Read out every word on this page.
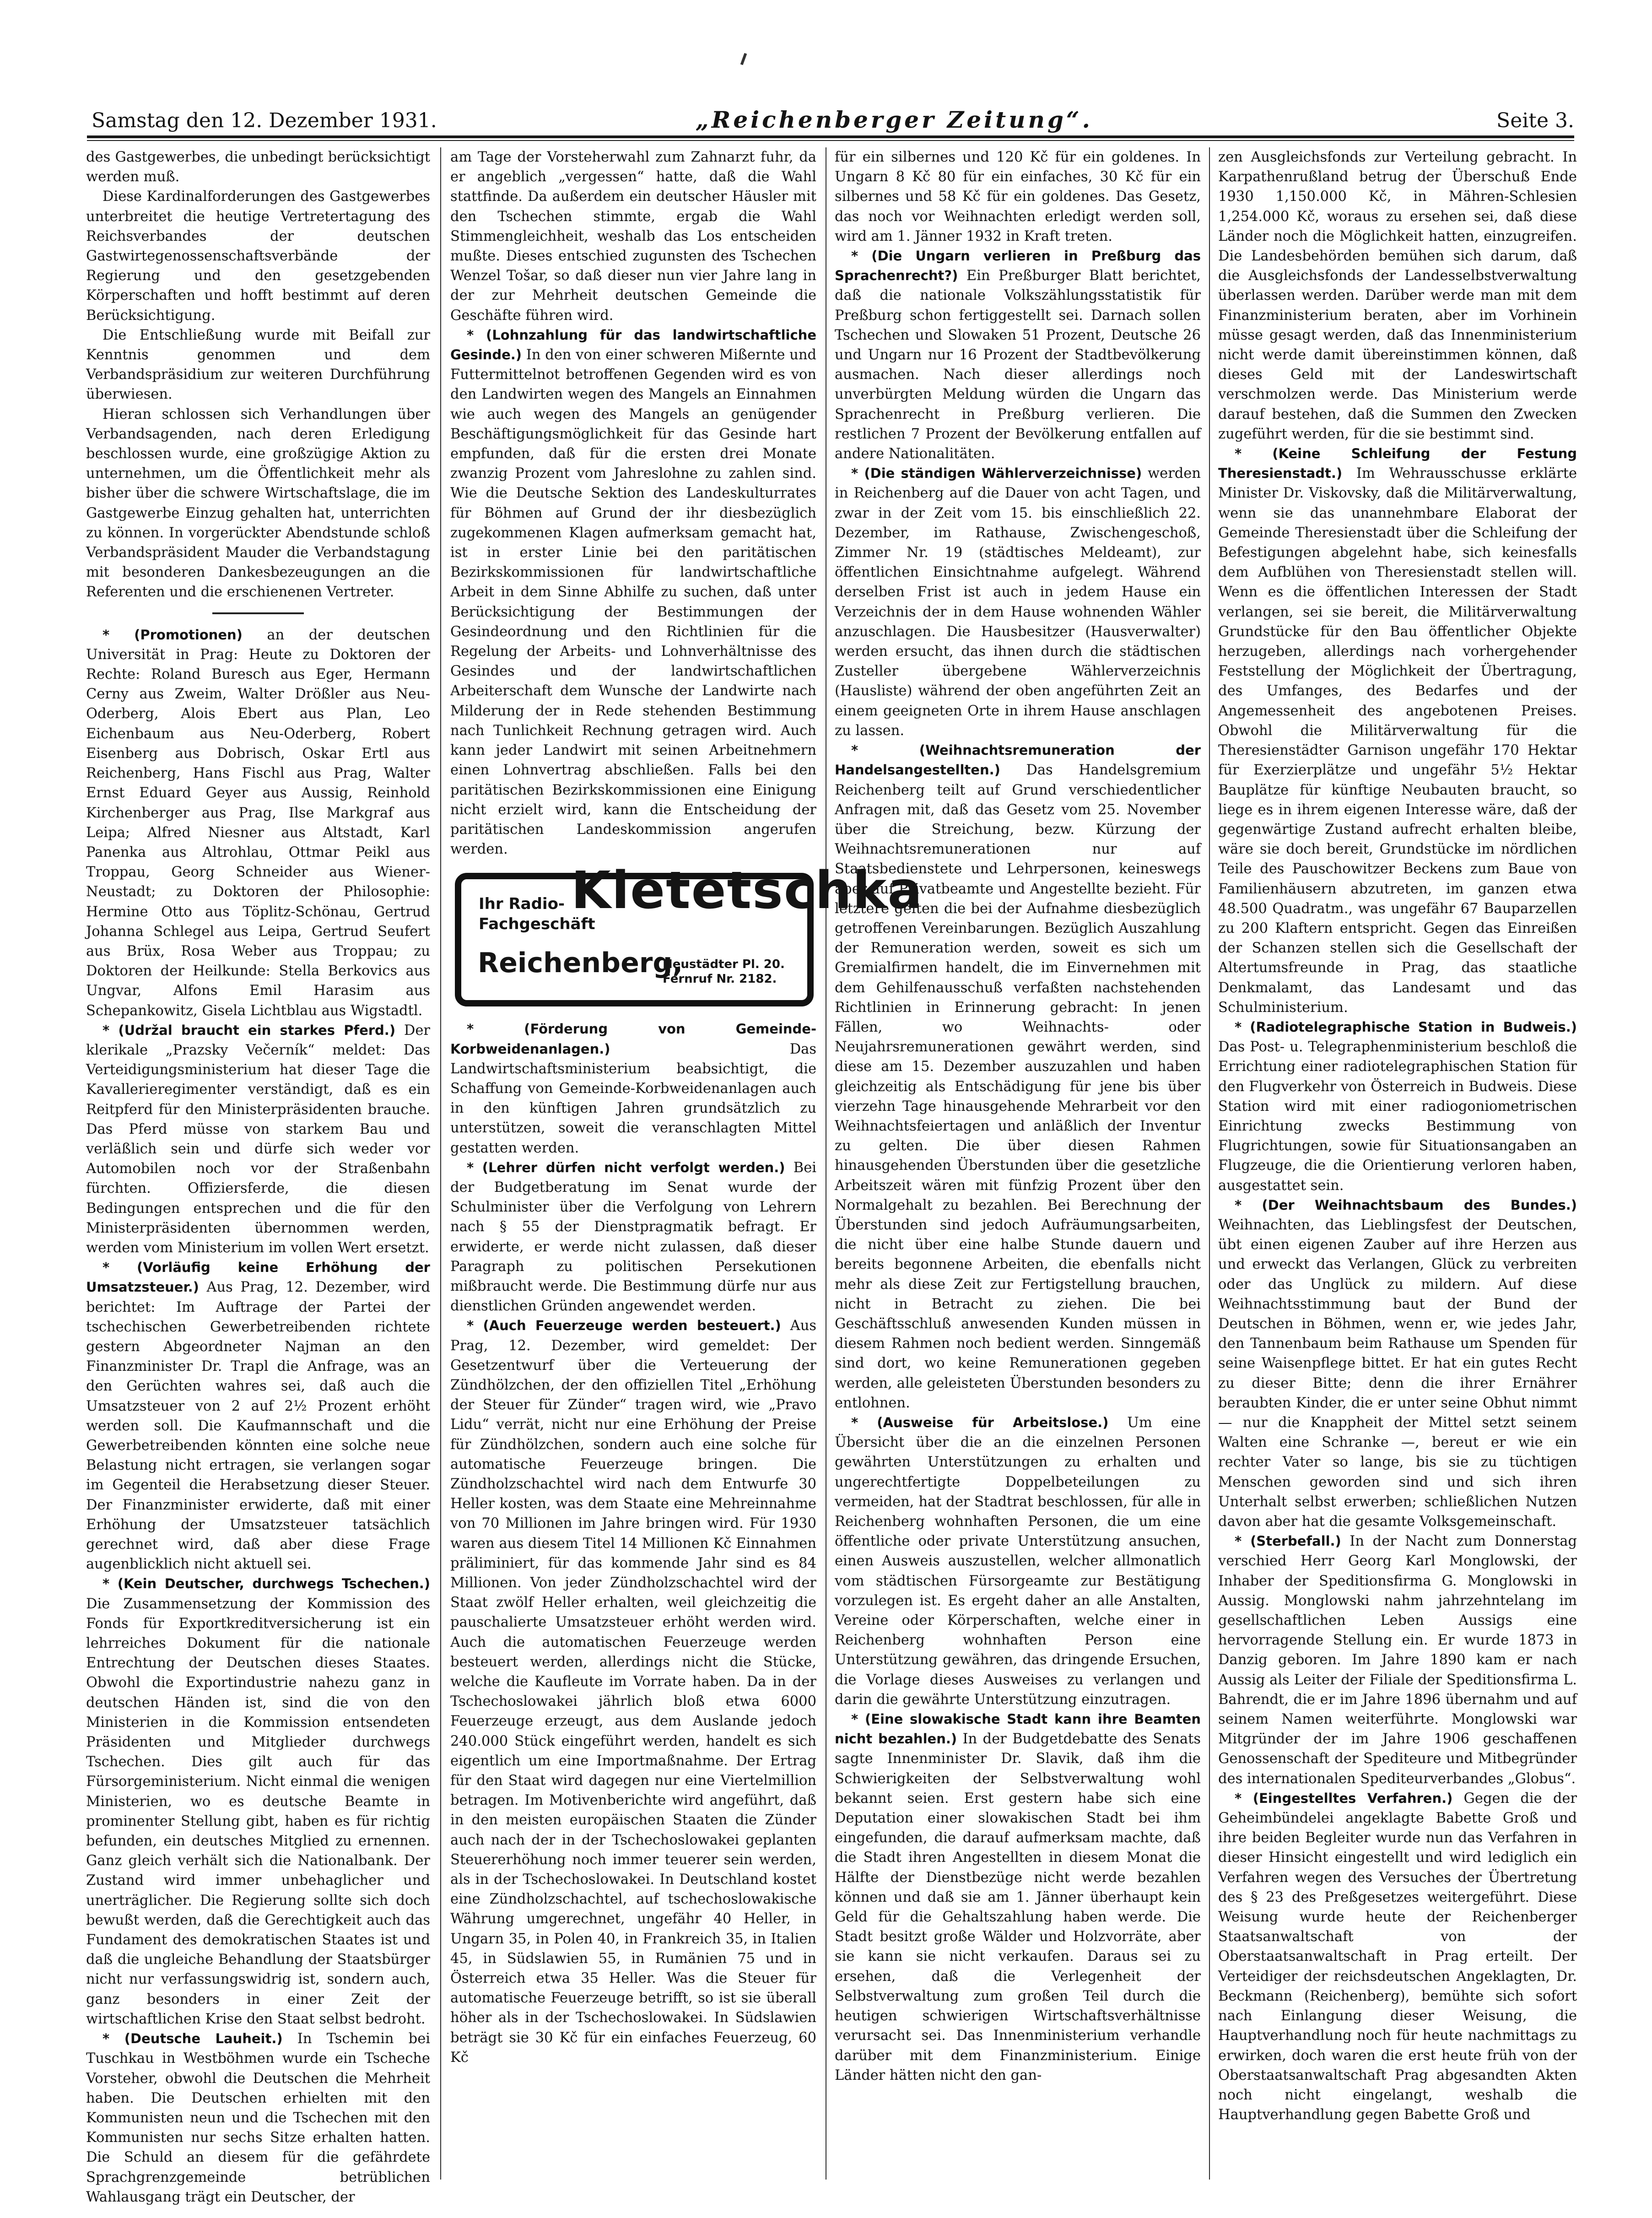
Samstag den 12. Dezember 1931.	„Reichenberger Zeitung“.	Seite 3.

des Gastgewerbes, die unbedingt berücksichtigt werden muß.

Diese Kardinalforderungen des Gastgewerbes unterbreitet die heutige Vertretertagung des Reichsverbandes der deutschen Gastwirtegenossenschaftsverbände der Regierung und den gesetzgebenden Körperschaften und hofft bestimmt auf deren Berücksichtigung.

Die Entschließung wurde mit Beifall zur Kenntnis genommen und dem Verbandspräsidium zur weiteren Durchführung überwiesen.

Hieran schlossen sich Verhandlungen über Verbandsagenden, nach deren Erledigung beschlossen wurde, eine großzügige Aktion zu unternehmen, um die Öffentlichkeit mehr als bisher über die schwere Wirtschaftslage, die im Gastgewerbe Einzug gehalten hat, unterrichten zu können. In vorgerückter Abendstunde schloß Verbandspräsident Mauder die Verbandstagung mit besonderen Dankesbezeugungen an die Referenten und die erschienenen Vertreter.

* (Promotionen) an der deutschen Universität in Prag: Heute zu Doktoren der Rechte: Roland Buresch aus Eger, Hermann Cerny aus Zweim, Walter Drößler aus Neu-Oderberg, Alois Ebert aus Plan, Leo Eichenbaum aus Neu-Oderberg, Robert Eisenberg aus Dobrisch, Oskar Ertl aus Reichenberg, Hans Fischl aus Prag, Walter Ernst Eduard Geyer aus Aussig, Reinhold Kirchenberger aus Prag, Ilse Markgraf aus Leipa; Alfred Niesner aus Altstadt, Karl Panenka aus Altrohlau, Ottmar Peikl aus Troppau, Georg Schneider aus Wiener-Neustadt; zu Doktoren der Philosophie: Hermine Otto aus Töplitz-Schönau, Gertrud Johanna Schlegel aus Leipa, Gertrud Seufert aus Brüx, Rosa Weber aus Troppau; zu Doktoren der Heilkunde: Stella Berkovics aus Ungvar, Alfons Emil Harasim aus Schepankowitz, Gisela Lichtblau aus Wigstadtl.

* (Udržal braucht ein starkes Pferd.) Der klerikale „Prazsky Večerník“ meldet: Das Verteidigungsministerium hat dieser Tage die Kavallerieregimenter verständigt, daß es ein Reitpferd für den Ministerpräsidenten brauche. Das Pferd müsse von starkem Bau und verläßlich sein und dürfe sich weder vor Automobilen noch vor der Straßenbahn fürchten. Offiziersferde, die diesen Bedingungen entsprechen und die für den Ministerpräsidenten übernommen werden, werden vom Ministerium im vollen Wert ersetzt.

* (Vorläufig keine Erhöhung der Umsatzsteuer.) Aus Prag, 12. Dezember, wird berichtet: Im Auftrage der Partei der tschechischen Gewerbetreibenden richtete gestern Abgeordneter Najman an den Finanzminister Dr. Trapl die Anfrage, was an den Gerüchten wahres sei, daß auch die Umsatzsteuer von 2 auf 2½ Prozent erhöht werden soll. Die Kaufmannschaft und die Gewerbetreibenden könnten eine solche neue Belastung nicht ertragen, sie verlangen sogar im Gegenteil die Herabsetzung dieser Steuer. Der Finanzminister erwiderte, daß mit einer Erhöhung der Umsatzsteuer tatsächlich gerechnet wird, daß aber diese Frage augenblicklich nicht aktuell sei.

* (Kein Deutscher, durchwegs Tschechen.) Die Zusammensetzung der Kommission des Fonds für Exportkreditversicherung ist ein lehrreiches Dokument für die nationale Entrechtung der Deutschen dieses Staates. Obwohl die Exportindustrie nahezu ganz in deutschen Händen ist, sind die von den Ministerien in die Kommission entsendeten Präsidenten und Mitglieder durchwegs Tschechen. Dies gilt auch für das Fürsorgeministerium. Nicht einmal die wenigen Ministerien, wo es deutsche Beamte in prominenter Stellung gibt, haben es für richtig befunden, ein deutsches Mitglied zu ernennen. Ganz gleich verhält sich die Nationalbank. Der Zustand wird immer unbehaglicher und unerträglicher. Die Regierung sollte sich doch bewußt werden, daß die Gerechtigkeit auch das Fundament des demokratischen Staates ist und daß die ungleiche Behandlung der Staatsbürger nicht nur verfassungswidrig ist, sondern auch, ganz besonders in einer Zeit der wirtschaftlichen Krise den Staat selbst bedroht.

* (Deutsche Lauheit.) In Tschemin bei Tuschkau in Westböhmen wurde ein Tscheche Vorsteher, obwohl die Deutschen die Mehrheit haben. Die Deutschen erhielten mit den Kommunisten neun und die Tschechen mit den Kommunisten nur sechs Sitze erhalten hatten. Die Schuld an diesem für die gefährdete Sprachgrenzgemeinde betrüblichen Wahlausgang trägt ein Deutscher, der

am Tage der Vorsteherwahl zum Zahnarzt fuhr, da er angeblich „vergessen“ hatte, daß die Wahl stattfinde. Da außerdem ein deutscher Häusler mit den Tschechen stimmte, ergab die Wahl Stimmengleichheit, weshalb das Los entscheiden mußte. Dieses entschied zugunsten des Tschechen Wenzel Tošar, so daß dieser nun vier Jahre lang in der zur Mehrheit deutschen Gemeinde die Geschäfte führen wird.

* (Lohnzahlung für das landwirtschaftliche Gesinde.) In den von einer schweren Mißernte und Futtermittelnot betroffenen Gegenden wird es von den Landwirten wegen des Mangels an Einnahmen wie auch wegen des Mangels an genügender Beschäftigungsmöglichkeit für das Gesinde hart empfunden, daß für die ersten drei Monate zwanzig Prozent vom Jahreslohne zu zahlen sind. Wie die Deutsche Sektion des Landeskulturrates für Böhmen auf Grund der ihr diesbezüglich zugekommenen Klagen aufmerksam gemacht hat, ist in erster Linie bei den paritätischen Bezirkskommissionen für landwirtschaftliche Arbeit in dem Sinne Abhilfe zu suchen, daß unter Berücksichtigung der Bestimmungen der Gesindeordnung und den Richtlinien für die Regelung der Arbeits- und Lohnverhältnisse des Gesindes und der landwirtschaftlichen Arbeiterschaft dem Wunsche der Landwirte nach Milderung der in Rede stehenden Bestimmung nach Tunlichkeit Rechnung getragen wird. Auch kann jeder Landwirt mit seinen Arbeitnehmern einen Lohnvertrag abschließen. Falls bei den paritätischen Bezirkskommissionen eine Einigung nicht erzielt wird, kann die Entscheidung der paritätischen Landeskommission angerufen werden.

Ihr Radio-
Fachgeschäft
Kletetschka
Reichenberg,
Neustädter Pl. 20.
Fernruf Nr. 2182.

* (Förderung von Gemeinde-Korbweidenanlagen.) Das Landwirtschaftsministerium beabsichtigt, die Schaffung von Gemeinde-Korbweidenanlagen auch in den künftigen Jahren grundsätzlich zu unterstützen, soweit die veranschlagten Mittel gestatten werden.

* (Lehrer dürfen nicht verfolgt werden.) Bei der Budgetberatung im Senat wurde der Schulminister über die Verfolgung von Lehrern nach § 55 der Dienstpragmatik befragt. Er erwiderte, er werde nicht zulassen, daß dieser Paragraph zu politischen Persekutionen mißbraucht werde. Die Bestimmung dürfe nur aus dienstlichen Gründen angewendet werden.

* (Auch Feuerzeuge werden besteuert.) Aus Prag, 12. Dezember, wird gemeldet: Der Gesetzentwurf über die Verteuerung der Zündhölzchen, der den offiziellen Titel „Erhöhung der Steuer für Zünder“ tragen wird, wie „Pravo Lidu“ verrät, nicht nur eine Erhöhung der Preise für Zündhölzchen, sondern auch eine solche für automatische Feuerzeuge bringen. Die Zündholzschachtel wird nach dem Entwurfe 30 Heller kosten, was dem Staate eine Mehreinnahme von 70 Millionen im Jahre bringen wird. Für 1930 waren aus diesem Titel 14 Millionen Kč Einnahmen präliminiert, für das kommende Jahr sind es 84 Millionen. Von jeder Zündholzschachtel wird der Staat zwölf Heller erhalten, weil gleichzeitig die pauschalierte Umsatzsteuer erhöht werden wird. Auch die automatischen Feuerzeuge werden besteuert werden, allerdings nicht die Stücke, welche die Kaufleute im Vorrate haben. Da in der Tschechoslowakei jährlich bloß etwa 6000 Feuerzeuge erzeugt, aus dem Auslande jedoch 240.000 Stück eingeführt werden, handelt es sich eigentlich um eine Importmaßnahme. Der Ertrag für den Staat wird dagegen nur eine Viertelmillion betragen. Im Motivenberichte wird angeführt, daß in den meisten europäischen Staaten die Zünder auch nach der in der Tschechoslowakei geplanten Steuererhöhung noch immer teuerer sein werden, als in der Tschechoslowakei. In Deutschland kostet eine Zündholzschachtel, auf tschechoslowakische Währung umgerechnet, ungefähr 40 Heller, in Ungarn 35, in Polen 40, in Frankreich 35, in Italien 45, in Südslawien 55, in Rumänien 75 und in Österreich etwa 35 Heller. Was die Steuer für automatische Feuerzeuge betrifft, so ist sie überall höher als in der Tschechoslowakei. In Südslawien beträgt sie 30 Kč für ein einfaches Feuerzeug, 60 Kč

für ein silbernes und 120 Kč für ein goldenes. In Ungarn 8 Kč 80 für ein einfaches, 30 Kč für ein silbernes und 58 Kč für ein goldenes. Das Gesetz, das noch vor Weihnachten erledigt werden soll, wird am 1. Jänner 1932 in Kraft treten.

* (Die Ungarn verlieren in Preßburg das Sprachenrecht?) Ein Preßburger Blatt berichtet, daß die nationale Volkszählungsstatistik für Preßburg schon fertiggestellt sei. Darnach sollen Tschechen und Slowaken 51 Prozent, Deutsche 26 und Ungarn nur 16 Prozent der Stadtbevölkerung ausmachen. Nach dieser allerdings noch unverbürgten Meldung würden die Ungarn das Sprachenrecht in Preßburg verlieren. Die restlichen 7 Prozent der Bevölkerung entfallen auf andere Nationalitäten.

* (Die ständigen Wählerverzeichnisse) werden in Reichenberg auf die Dauer von acht Tagen, und zwar in der Zeit vom 15. bis einschließlich 22. Dezember, im Rathause, Zwischengeschoß, Zimmer Nr. 19 (städtisches Meldeamt), zur öffentlichen Einsichtnahme aufgelegt. Während derselben Frist ist auch in jedem Hause ein Verzeichnis der in dem Hause wohnenden Wähler anzuschlagen. Die Hausbesitzer (Hausverwalter) werden ersucht, das ihnen durch die städtischen Zusteller übergebene Wählerverzeichnis (Hausliste) während der oben angeführten Zeit an einem geeigneten Orte in ihrem Hause anschlagen zu lassen.

* (Weihnachtsremuneration der Handelsangestellten.) Das Handelsgremium Reichenberg teilt auf Grund verschiedentlicher Anfragen mit, daß das Gesetz vom 25. November über die Streichung, bezw. Kürzung der Weihnachtsremunerationen nur auf Staatsbedienstete und Lehrpersonen, keineswegs aber auf Privatbeamte und Angestellte bezieht. Für letztere gelten die bei der Aufnahme diesbezüglich getroffenen Vereinbarungen. Bezüglich Auszahlung der Remuneration werden, soweit es sich um Gremialfirmen handelt, die im Einvernehmen mit dem Gehilfenausschuß verfaßten nachstehenden Richtlinien in Erinnerung gebracht: In jenen Fällen, wo Weihnachts- oder Neujahrsremunerationen gewährt werden, sind diese am 15. Dezember auszuzahlen und haben gleichzeitig als Entschädigung für jene bis über vierzehn Tage hinausgehende Mehrarbeit vor den Weihnachtsfeiertagen und anläßlich der Inventur zu gelten. Die über diesen Rahmen hinausgehenden Überstunden über die gesetzliche Arbeitszeit wären mit fünfzig Prozent über den Normalgehalt zu bezahlen. Bei Berechnung der Überstunden sind jedoch Aufräumungsarbeiten, die nicht über eine halbe Stunde dauern und bereits begonnene Arbeiten, die ebenfalls nicht mehr als diese Zeit zur Fertigstellung brauchen, nicht in Betracht zu ziehen. Die bei Geschäftsschluß anwesenden Kunden müssen in diesem Rahmen noch bedient werden. Sinngemäß sind dort, wo keine Remunerationen gegeben werden, alle geleisteten Überstunden besonders zu entlohnen.

* (Ausweise für Arbeitslose.) Um eine Übersicht über die an die einzelnen Personen gewährten Unterstützungen zu erhalten und ungerechtfertigte Doppelbeteilungen zu vermeiden, hat der Stadtrat beschlossen, für alle in Reichenberg wohnhaften Personen, die um eine öffentliche oder private Unterstützung ansuchen, einen Ausweis auszustellen, welcher allmonatlich vom städtischen Fürsorgeamte zur Bestätigung vorzulegen ist. Es ergeht daher an alle Anstalten, Vereine oder Körperschaften, welche einer in Reichenberg wohnhaften Person eine Unterstützung gewähren, das dringende Ersuchen, die Vorlage dieses Ausweises zu verlangen und darin die gewährte Unterstützung einzutragen.

* (Eine slowakische Stadt kann ihre Beamten nicht bezahlen.) In der Budgetdebatte des Senats sagte Innenminister Dr. Slavik, daß ihm die Schwierigkeiten der Selbstverwaltung wohl bekannt seien. Erst gestern habe sich eine Deputation einer slowakischen Stadt bei ihm eingefunden, die darauf aufmerksam machte, daß die Stadt ihren Angestellten in diesem Monat die Hälfte der Dienstbezüge nicht werde bezahlen können und daß sie am 1. Jänner überhaupt kein Geld für die Gehaltszahlung haben werde. Die Stadt besitzt große Wälder und Holzvorräte, aber sie kann sie nicht verkaufen. Daraus sei zu ersehen, daß die Verlegenheit der Selbstverwaltung zum großen Teil durch die heutigen schwierigen Wirtschaftsverhältnisse verursacht sei. Das Innenministerium verhandle darüber mit dem Finanzministerium. Einige Länder hätten nicht den gan-

zen Ausgleichsfonds zur Verteilung gebracht. In Karpathenrußland betrug der Überschuß Ende 1930 1,150.000 Kč, in Mähren-Schlesien 1,254.000 Kč, woraus zu ersehen sei, daß diese Länder noch die Möglichkeit hatten, einzugreifen. Die Landesbehörden bemühen sich darum, daß die Ausgleichsfonds der Landesselbstverwaltung überlassen werden. Darüber werde man mit dem Finanzministerium beraten, aber im Vorhinein müsse gesagt werden, daß das Innenministerium nicht werde damit übereinstimmen können, daß dieses Geld mit der Landeswirtschaft verschmolzen werde. Das Ministerium werde darauf bestehen, daß die Summen den Zwecken zugeführt werden, für die sie bestimmt sind.

* (Keine Schleifung der Festung Theresienstadt.) Im Wehrausschusse erklärte Minister Dr. Viskovsky, daß die Militärverwaltung, wenn sie das unannehmbare Elaborat der Gemeinde Theresienstadt über die Schleifung der Befestigungen abgelehnt habe, sich keinesfalls dem Aufblühen von Theresienstadt stellen will. Wenn es die öffentlichen Interessen der Stadt verlangen, sei sie bereit, die Militärverwaltung Grundstücke für den Bau öffentlicher Objekte herzugeben, allerdings nach vorhergehender Feststellung der Möglichkeit der Übertragung, des Umfanges, des Bedarfes und der Angemessenheit des angebotenen Preises. Obwohl die Militärverwaltung für die Theresienstädter Garnison ungefähr 170 Hektar für Exerzierplätze und ungefähr 5½ Hektar Bauplätze für künftige Neubauten braucht, so liege es in ihrem eigenen Interesse wäre, daß der gegenwärtige Zustand aufrecht erhalten bleibe, wäre sie doch bereit, Grundstücke im nördlichen Teile des Pauschowitzer Beckens zum Baue von Familienhäusern abzutreten, im ganzen etwa 48.500 Quadratm., was ungefähr 67 Bauparzellen zu 200 Klaftern entspricht. Gegen das Einreißen der Schanzen stellen sich die Gesellschaft der Altertumsfreunde in Prag, das staatliche Denkmalamt, das Landesamt und das Schulministerium.

* (Radiotelegraphische Station in Budweis.) Das Post- u. Telegraphenministerium beschloß die Errichtung einer radiotelegraphischen Station für den Flugverkehr von Österreich in Budweis. Diese Station wird mit einer radiogoniometrischen Einrichtung zwecks Bestimmung von Flugrichtungen, sowie für Situationsangaben an Flugzeuge, die die Orientierung verloren haben, ausgestattet sein.

* (Der Weihnachtsbaum des Bundes.) Weihnachten, das Lieblingsfest der Deutschen, übt einen eigenen Zauber auf ihre Herzen aus und erweckt das Verlangen, Glück zu verbreiten oder das Unglück zu mildern. Auf diese Weihnachtsstimmung baut der Bund der Deutschen in Böhmen, wenn er, wie jedes Jahr, den Tannenbaum beim Rathause um Spenden für seine Waisenpflege bittet. Er hat ein gutes Recht zu dieser Bitte; denn die ihrer Ernährer beraubten Kinder, die er unter seine Obhut nimmt — nur die Knappheit der Mittel setzt seinem Walten eine Schranke —, bereut er wie ein rechter Vater so lange, bis sie zu tüchtigen Menschen geworden sind und sich ihren Unterhalt selbst erwerben; schließlichen Nutzen davon aber hat die gesamte Volksgemeinschaft.

* (Sterbefall.) In der Nacht zum Donnerstag verschied Herr Georg Karl Monglowski, der Inhaber der Speditionsfirma G. Monglowski in Aussig. Monglowski nahm jahrzehntelang im gesellschaftlichen Leben Aussigs eine hervorragende Stellung ein. Er wurde 1873 in Danzig geboren. Im Jahre 1890 kam er nach Aussig als Leiter der Filiale der Speditionsfirma L. Bahrendt, die er im Jahre 1896 übernahm und auf seinem Namen weiterführte. Monglowski war Mitgründer der im Jahre 1906 geschaffenen Genossenschaft der Spediteure und Mitbegründer des internationalen Spediteurverbandes „Globus“.

* (Eingestelltes Verfahren.) Gegen die der Geheimbündelei angeklagte Babette Groß und ihre beiden Begleiter wurde nun das Verfahren in dieser Hinsicht eingestellt und wird lediglich ein Verfahren wegen des Versuches der Übertretung des § 23 des Preßgesetzes weitergeführt. Diese Weisung wurde heute der Reichenberger Staatsanwaltschaft von der Oberstaatsanwaltschaft in Prag erteilt. Der Verteidiger der reichsdeutschen Angeklagten, Dr. Beckmann (Reichenberg), bemühte sich sofort nach Einlangung dieser Weisung, die Hauptverhandlung noch für heute nachmittags zu erwirken, doch waren die erst heute früh von der Oberstaatsanwaltschaft Prag abgesandten Akten noch nicht eingelangt, weshalb die Hauptverhandlung gegen Babette Groß und
